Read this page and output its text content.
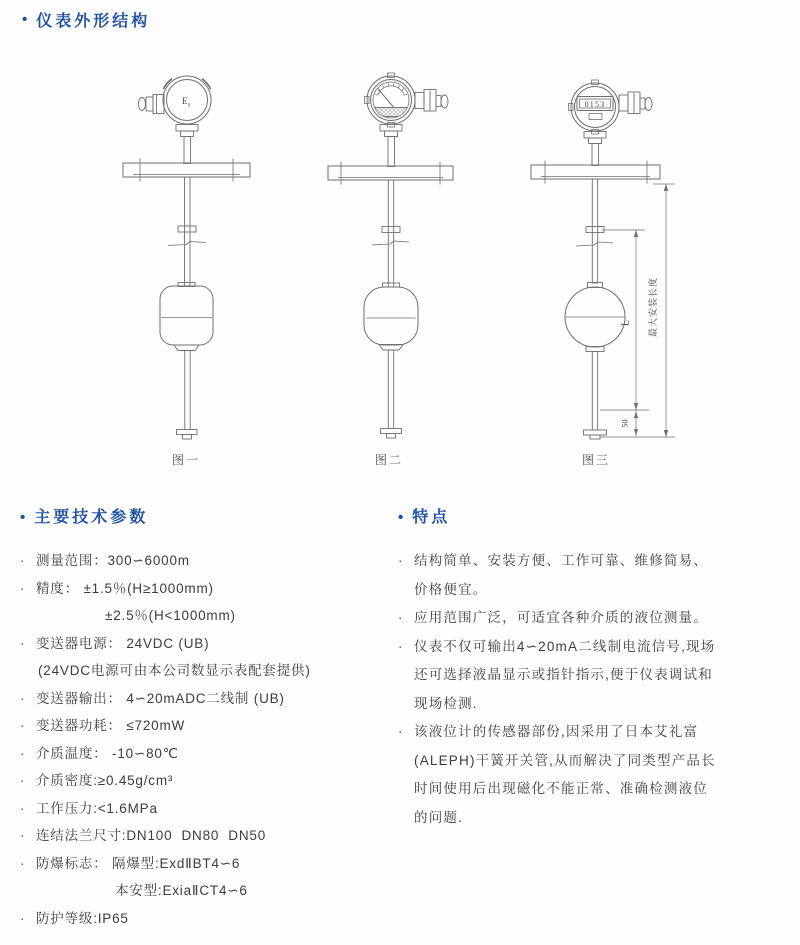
• 仪表外形结构
$E_x$
图一	图二
0153
L
50
最大安装长度
图三
• 主要技术参数
· 测量范围：300∽6000m
· 精度： ±1.5％(H≥1000mm)
±2.5％(H<1000mm)
· 变送器电源： 24VDC (UB)
(24VDC电源可由本公司数显示表配套提供)
· 变送器输出： 4∽20mADC二线制 (UB)
· 变送器功耗： ≤720mW
· 介质温度： -10∽80℃
· 介质密度:≥0.45g/cm³
· 工作压力:<1.6MPa
· 连结法兰尺寸:DN100  DN80  DN50
· 防爆标志： 隔爆型:ExdⅡBT4∽6
本安型:ExiaⅡCT4∽6
· 防护等级:IP65
• 特点
· 结构简单、安装方便、工作可靠、维修简易、
价格便宜。
· 应用范围广泛，可适宜各种介质的液位测量。
· 仪表不仅可输出4∽20mA二线制电流信号,现场
还可选择液晶显示或指针指示,便于仪表调试和
现场检测.
· 该液位计的传感器部份,因采用了日本艾礼富
(ALEPH)干簧开关管,从而解决了同类型产品长
时间使用后出现磁化不能正常、准确检测液位
的问题.
